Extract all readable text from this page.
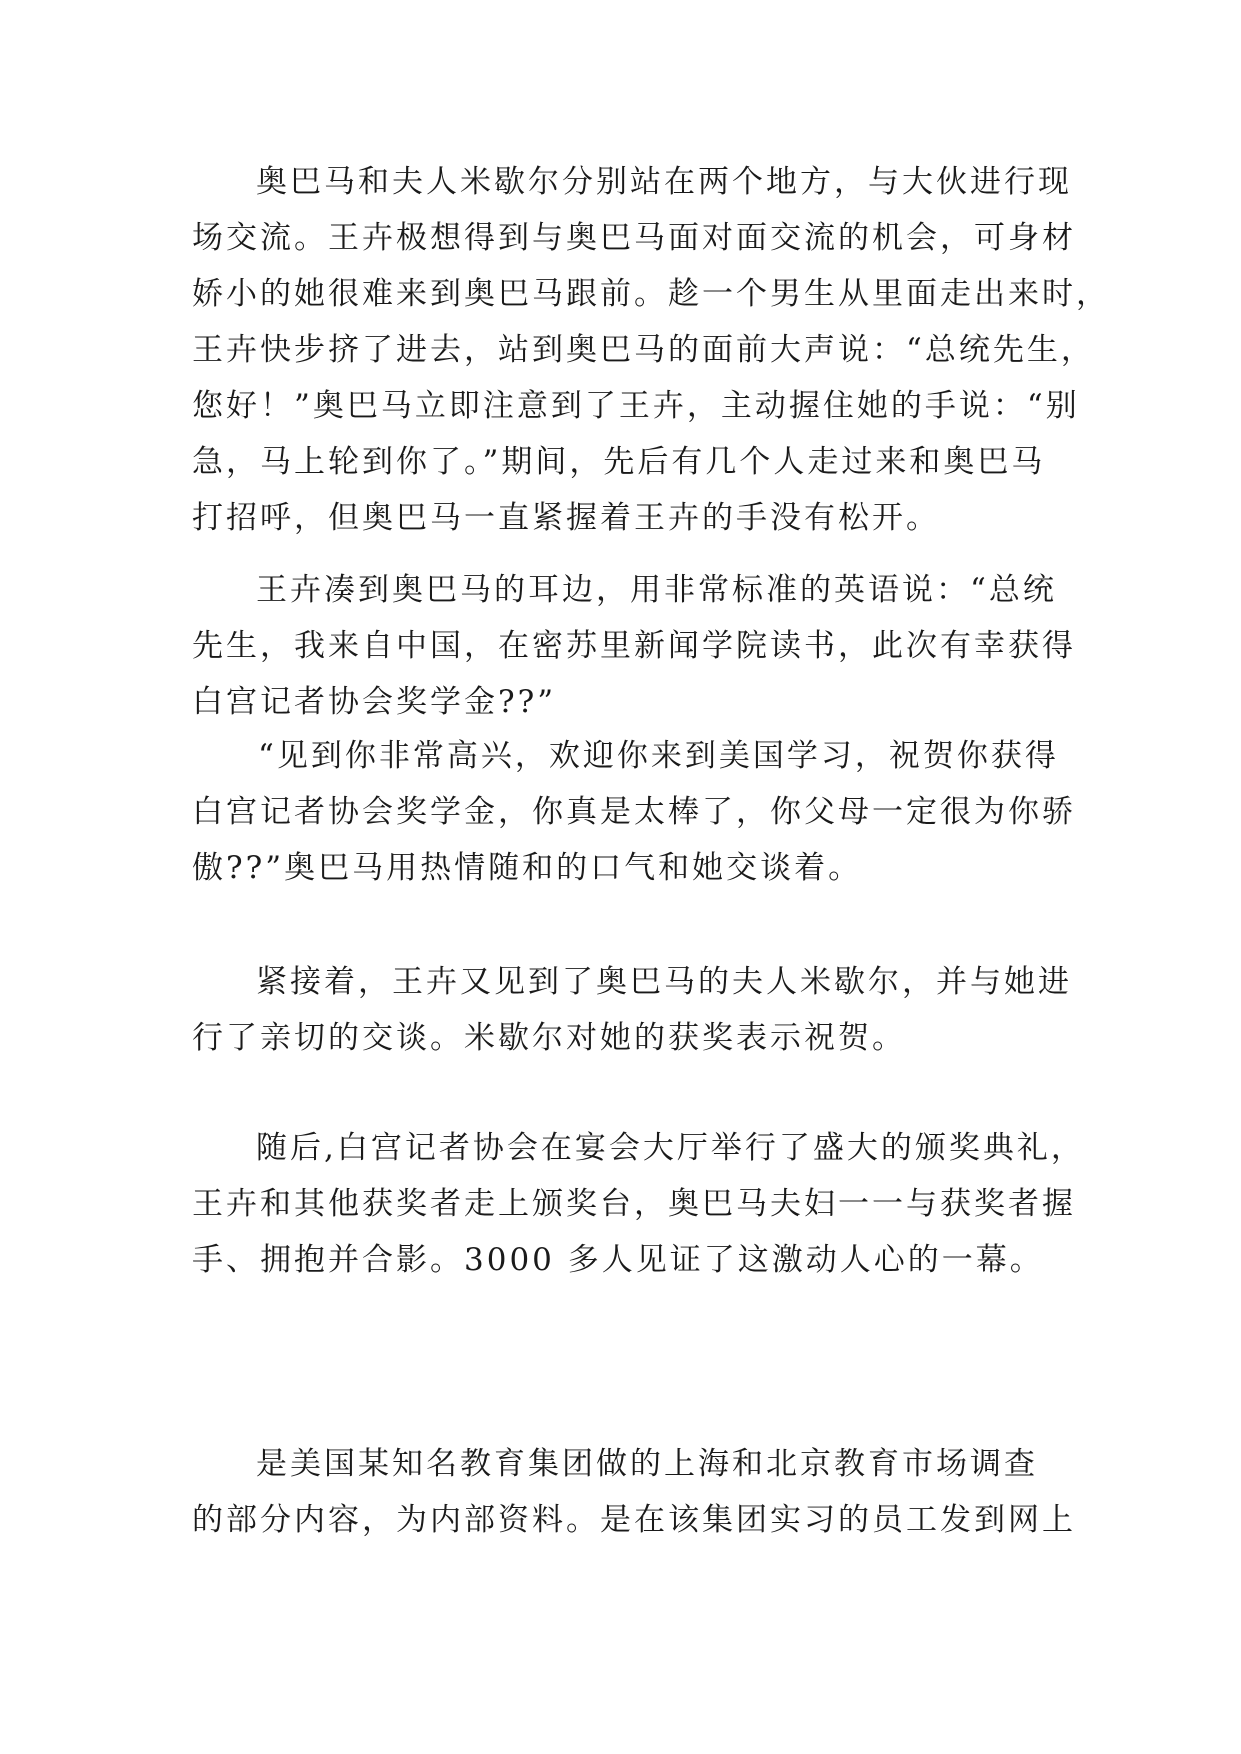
奥巴马和夫人米歇尔分别站在两个地方，与大伙进行现
场交流。王卉极想得到与奥巴马面对面交流的机会，可身材
娇小的她很难来到奥巴马跟前。趁一个男生从里面走出来时，
王卉快步挤了进去，站到奥巴马的面前大声说：“总统先生，
您好！”奥巴马立即注意到了王卉，主动握住她的手说：“别
急，马上轮到你了。”期间，先后有几个人走过来和奥巴马
打招呼，但奥巴马一直紧握着王卉的手没有松开。
王卉凑到奥巴马的耳边，用非常标准的英语说：“总统
先生，我来自中国，在密苏里新闻学院读书，此次有幸获得
白宫记者协会奖学金??”
“见到你非常高兴，欢迎你来到美国学习，祝贺你获得
白宫记者协会奖学金，你真是太棒了，你父母一定很为你骄
傲??”奥巴马用热情随和的口气和她交谈着。
紧接着，王卉又见到了奥巴马的夫人米歇尔，并与她进
行了亲切的交谈。米歇尔对她的获奖表示祝贺。
随后,白宫记者协会在宴会大厅举行了盛大的颁奖典礼，
王卉和其他获奖者走上颁奖台，奥巴马夫妇一一与获奖者握
手、拥抱并合影。3000 多人见证了这激动人心的一幕。
是美国某知名教育集团做的上海和北京教育市场调查
的部分内容，为内部资料。是在该集团实习的员工发到网上
